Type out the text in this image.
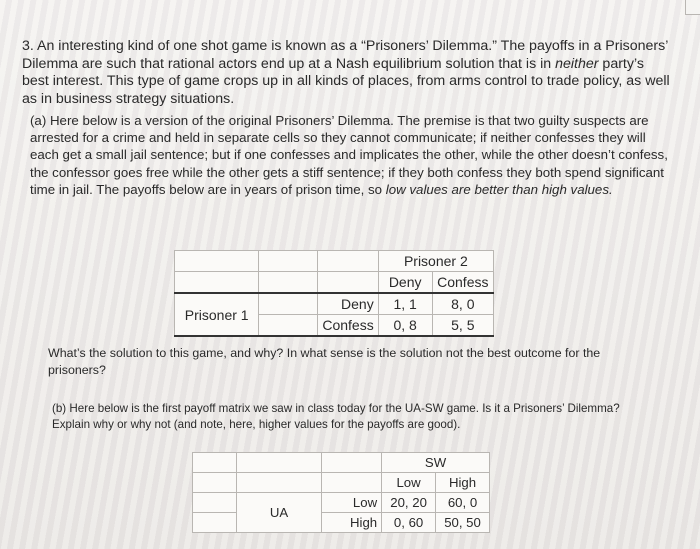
3. An interesting kind of one shot game is known as a “Prisoners’ Dilemma.” The payoffs in a Prisoners’ Dilemma are such that rational actors end up at a Nash equilibrium solution that is in neither party’s best interest. This type of game crops up in all kinds of places, from arms control to trade policy, as well as in business strategy situations.

(a) Here below is a version of the original Prisoners’ Dilemma. The premise is that two guilty suspects are arrested for a crime and held in separate cells so they cannot communicate; if neither confesses they will each get a small jail sentence; but if one confesses and implicates the other, while the other doesn’t confess, the confessor goes free while the other gets a stiff sentence; if they both confess they both spend significant time in jail. The payoffs below are in years of prison time, so low values are better than high values.

			Prisoner 2	
			Deny	Confess
Prisoner 1		Deny	1, 1	8, 0
		Confess	0, 8	5, 5

What’s the solution to this game, and why? In what sense is the solution not the best outcome for the prisoners?

(b) Here below is the first payoff matrix we saw in class today for the UA-SW game. Is it a Prisoners’ Dilemma? Explain why or why not (and note, here, higher values for the payoffs are good).

			SW	
			Low	High
	UA	Low	20, 20	60, 0
		High	0, 60	50, 50
